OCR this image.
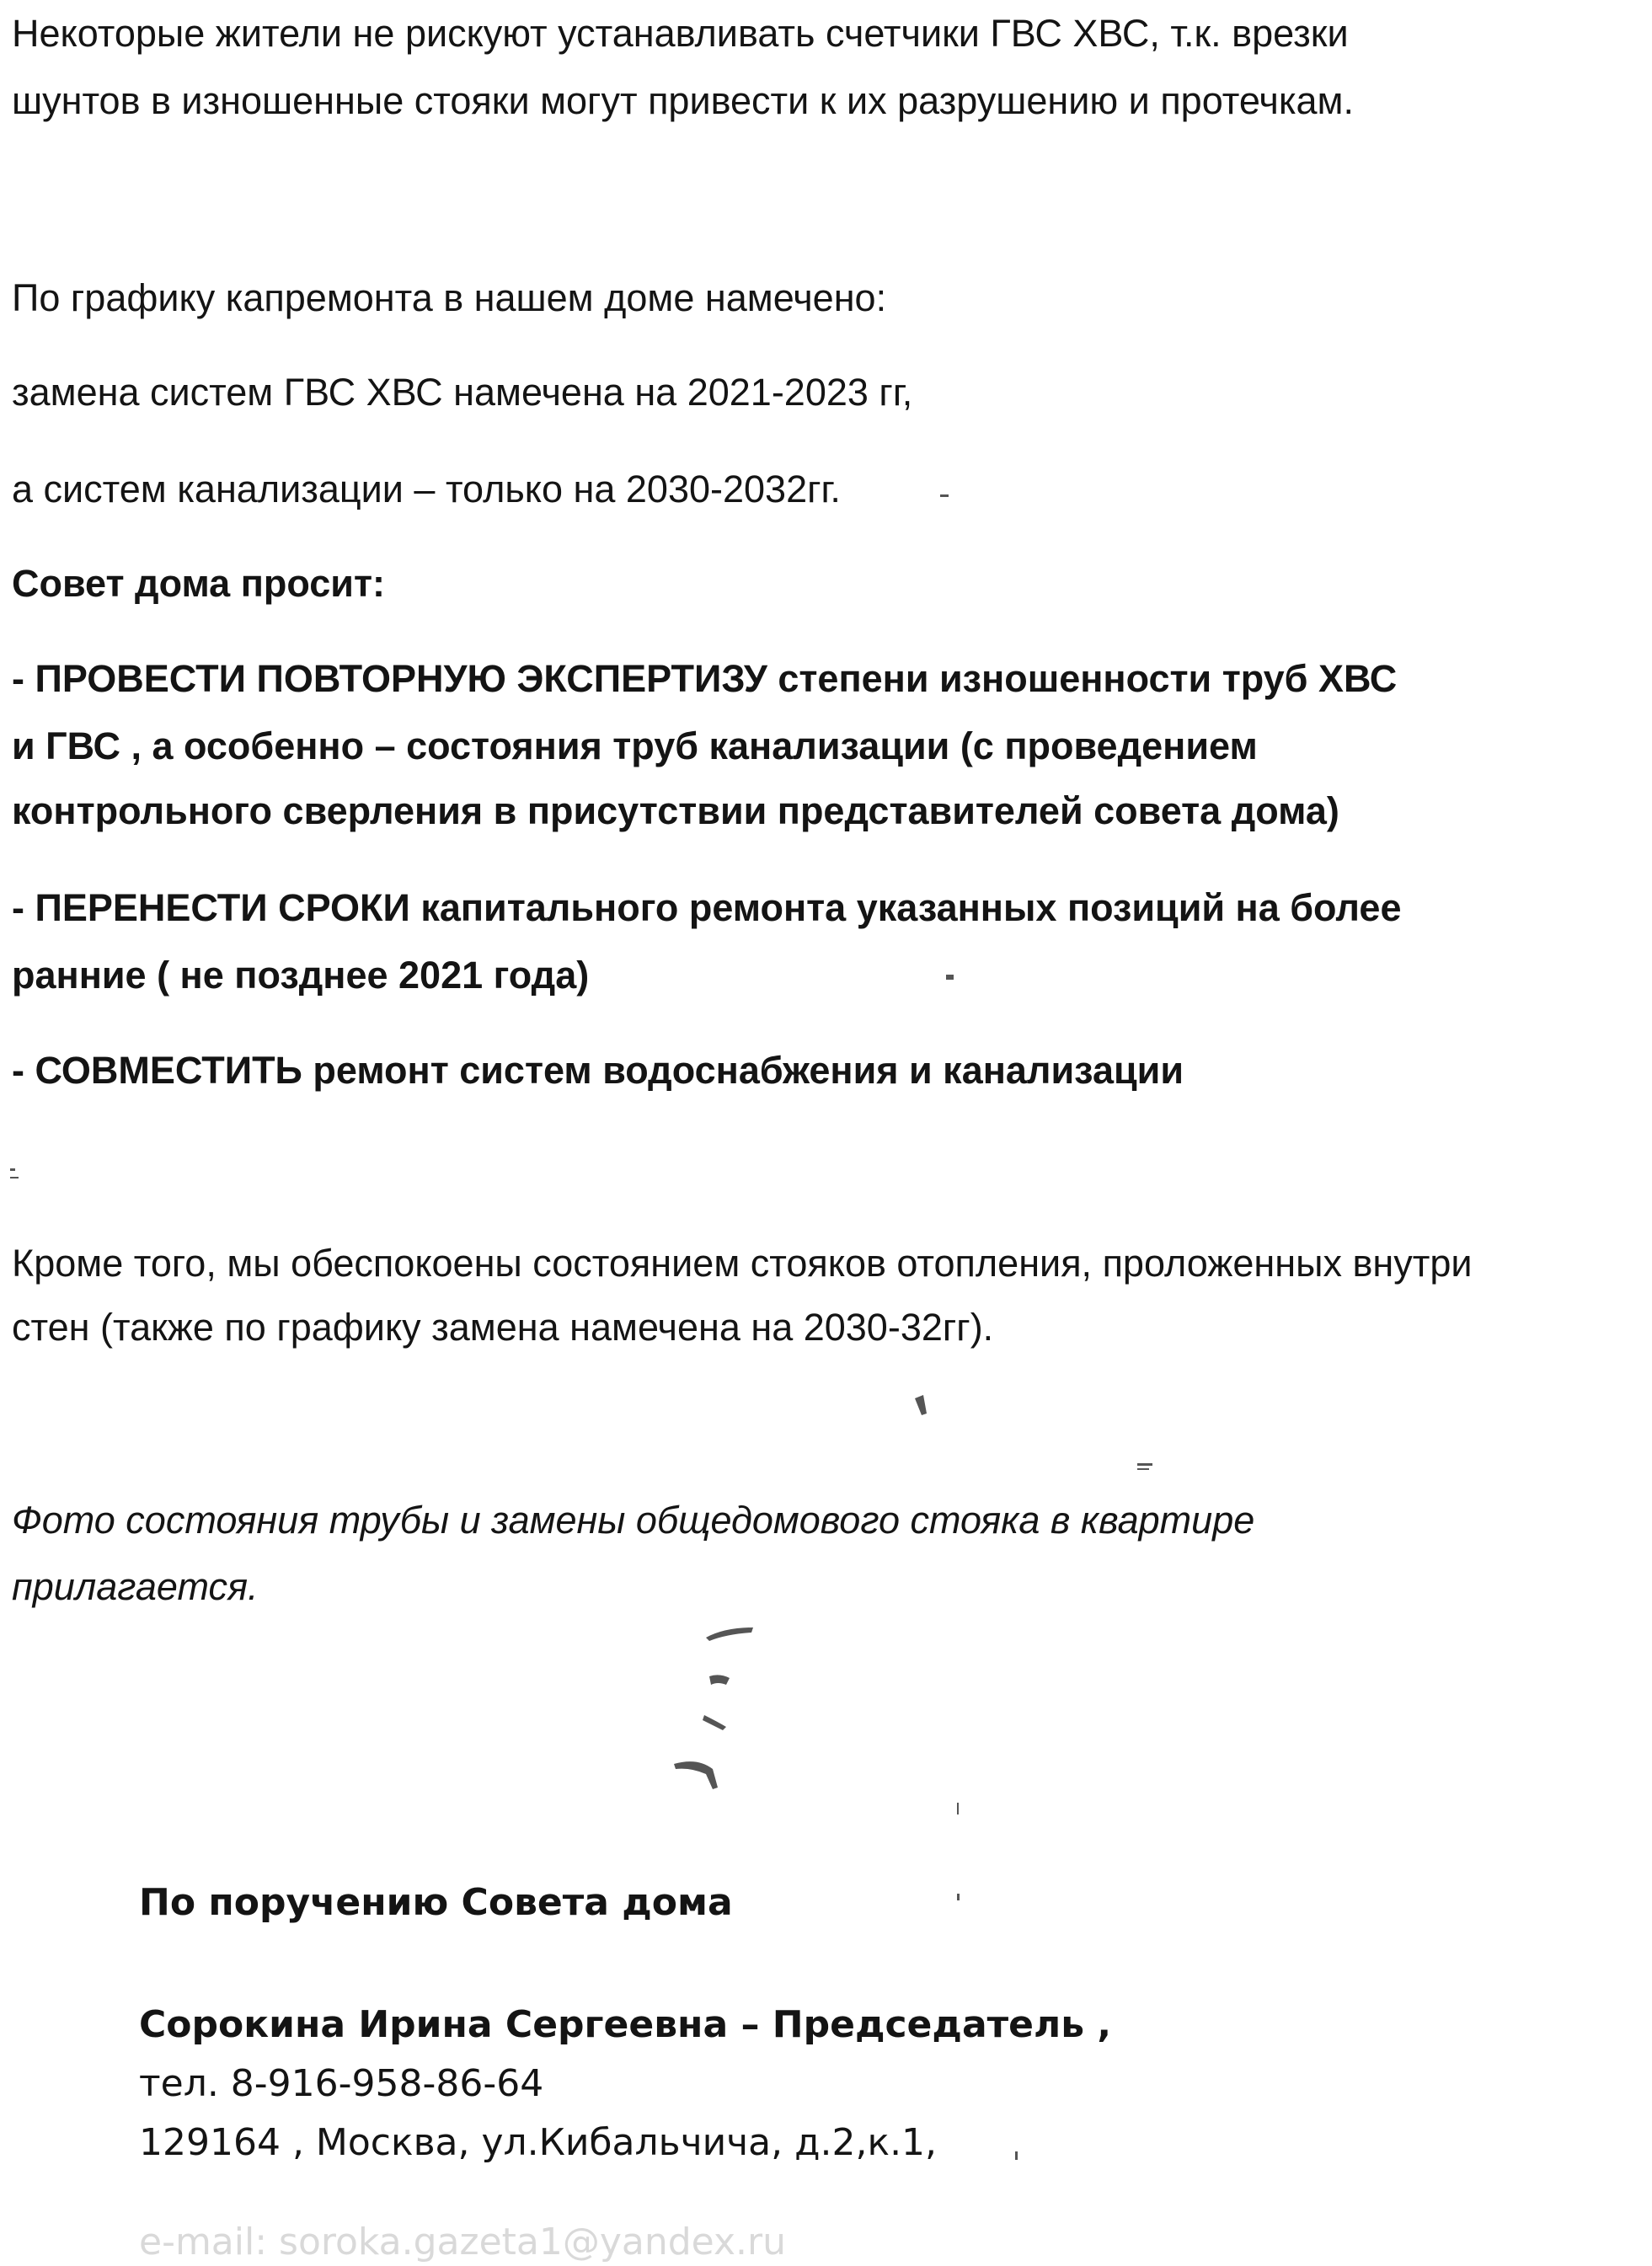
Некоторые жители не рискуют устанавливать счетчики ГВС ХВС, т.к. врезки
шунтов в изношенные стояки могут привести к их разрушению и протечкам.
По графику капремонта в нашем доме намечено:
замена систем ГВС ХВС намечена на 2021-2023 гг,
а систем канализации – только на 2030-2032гг.
Совет дома просит:
- ПРОВЕСТИ ПОВТОРНУЮ ЭКСПЕРТИЗУ степени изношенности труб ХВС
и ГВС , а особенно – состояния труб канализации (с проведением
контрольного сверления в присутствии представителей совета дома)
- ПЕРЕНЕСТИ СРОКИ капитального ремонта указанных позиций на более
ранние ( не позднее 2021 года)
- СОВМЕСТИТЬ ремонт систем водоснабжения и канализации
Кроме того, мы обеспокоены состоянием стояков отопления, проложенных внутри
стен (также по графику замена намечена на 2030-32гг).
Фото состояния трубы и замены общедомового стояка в квартире
прилагается.
По поручению Совета дома
Сорокина Ирина Сергеевна – Председатель ,
тел. 8-916-958-86-64
129164 , Москва, ул.Кибальчича, д.2,к.1,
e-mail: soroka.gazeta1@yandex.ru
